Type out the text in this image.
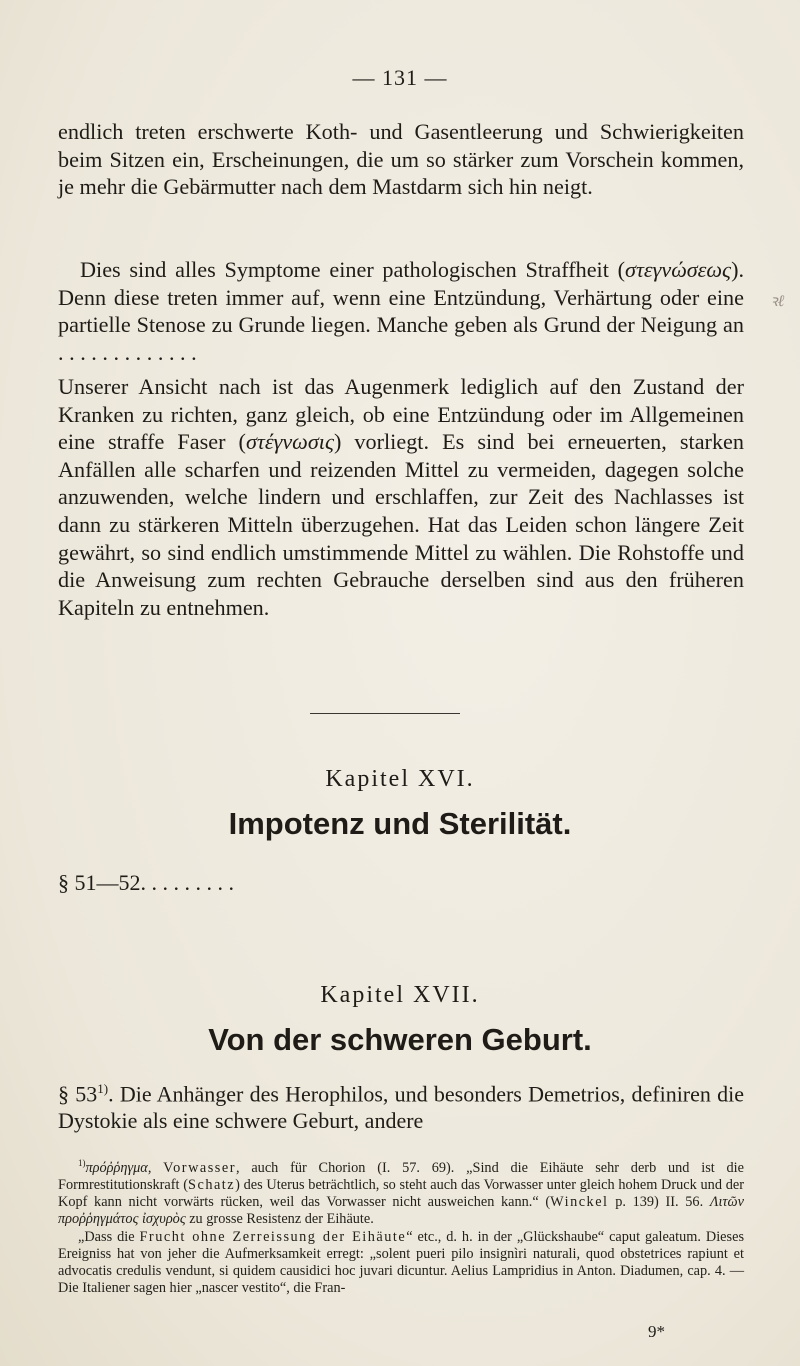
— 131 —

endlich treten erschwerte Koth- und Gasentleerung und Schwierigkeiten beim Sitzen ein, Erscheinungen, die um so stärker zum Vorschein kommen, je mehr die Gebärmutter nach dem Mastdarm sich hin neigt.

Dies sind alles Symptome einer pathologischen Straffheit (στεγνώσεως). Denn diese treten immer auf, wenn eine Entzündung, Verhärtung oder eine partielle Stenose zu Grunde liegen. Manche geben als Grund der Neigung an . . . . . . . . . . . . .

Unserer Ansicht nach ist das Augenmerk lediglich auf den Zustand der Kranken zu richten, ganz gleich, ob eine Entzündung oder im Allgemeinen eine straffe Faser (στέγνωσις) vorliegt. Es sind bei erneuerten, starken Anfällen alle scharfen und reizenden Mittel zu vermeiden, dagegen solche anzuwenden, welche lindern und erschlaffen, zur Zeit des Nachlasses ist dann zu stärkeren Mitteln überzugehen. Hat das Leiden schon längere Zeit gewährt, so sind endlich umstimmende Mittel zu wählen. Die Rohstoffe und die Anweisung zum rechten Gebrauche derselben sind aus den früheren Kapiteln zu entnehmen.

Kapitel XVI.
Impotenz und Sterilität.
§ 51—52. . . . . . . . .
Kapitel XVII.
Von der schweren Geburt.
§ 53$^{1)}$. Die Anhänger des Herophilos, und besonders Demetrios, definiren die Dystokie als eine schwere Geburt, andere
$^{1)}$πρόῤῥηγμα, Vorwasser, auch für Chorion (I. 57. 69). „Sind die Eihäute sehr derb und ist die Formrestitutionskraft (Schatz) des Uterus beträchtlich, so steht auch das Vorwasser unter gleich hohem Druck und der Kopf kann nicht vorwärts rücken, weil das Vorwasser nicht ausweichen kann.“ (Winckel p. 139) II. 56. Λιτῶν προῤῥηγμάτος ἰσχυρὸς zu grosse Resistenz der Eihäute.
„Dass die Frucht ohne Zerreissung der Eihäute“ etc., d. h. in der „Glückshaube“ caput galeatum. Dieses Ereigniss hat von jeher die Aufmerksamkeit erregt: „solent pueri pilo insignìri naturali, quod obstetrices rapiunt et advocatis credulis vendunt, si quidem causidici hoc juvari dicuntur. Aelius Lampridius in Anton. Diadumen, cap. 4. — Die Italiener sagen hier „nascer vestito“, die Fran-
9*
ꝛℓ
